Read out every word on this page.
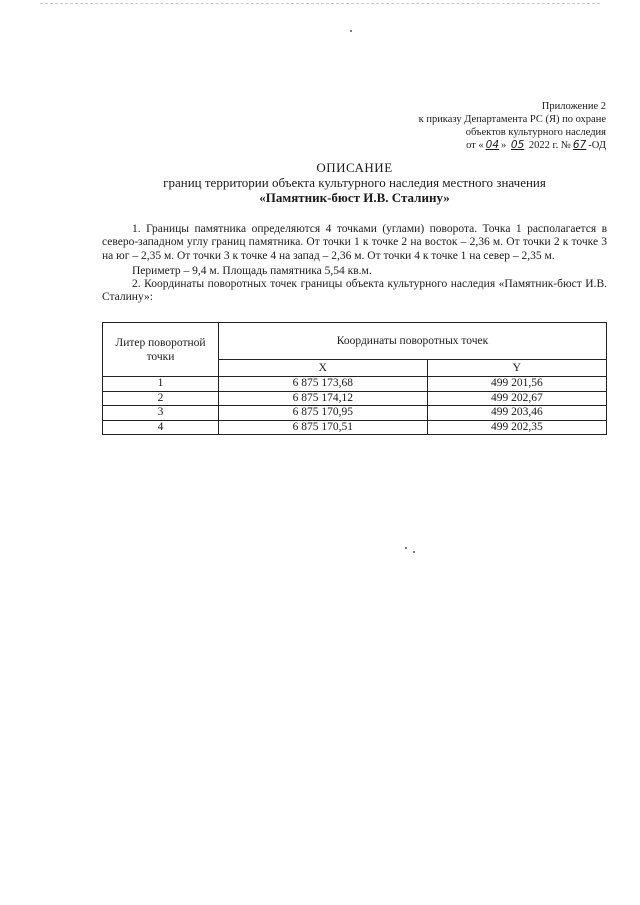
Приложение 2
к приказу Департамента РС (Я) по охране
объектов культурного наследия
от « 04 » 05 2022 г. № 67 -ОД
ОПИСАНИЕ
границ территории объекта культурного наследия местного значения
«Памятник-бюст И.В. Сталину»

1. Границы памятника определяются 4 точками (углами) поворота. Точка 1 располагается в северо-западном углу границ памятника. От точки 1 к точке 2 на восток – 2,36 м. От точки 2 к точке 3 на юг – 2,35 м. От точки 3 к точке 4 на запад – 2,36 м. От точки 4 к точке 1 на север – 2,35 м.

Периметр – 9,4 м. Площадь памятника 5,54 кв.м.

2. Координаты поворотных точек границы объекта культурного наследия «Памятник-бюст И.В. Сталину»:

Литер поворотной точки	Координаты поворотных точек	
	X	Y
1	6 875 173,68	499 201,56
2	6 875 174,12	499 202,67
3	6 875 170,95	499 203,46
4	6 875 170,51	499 202,35
